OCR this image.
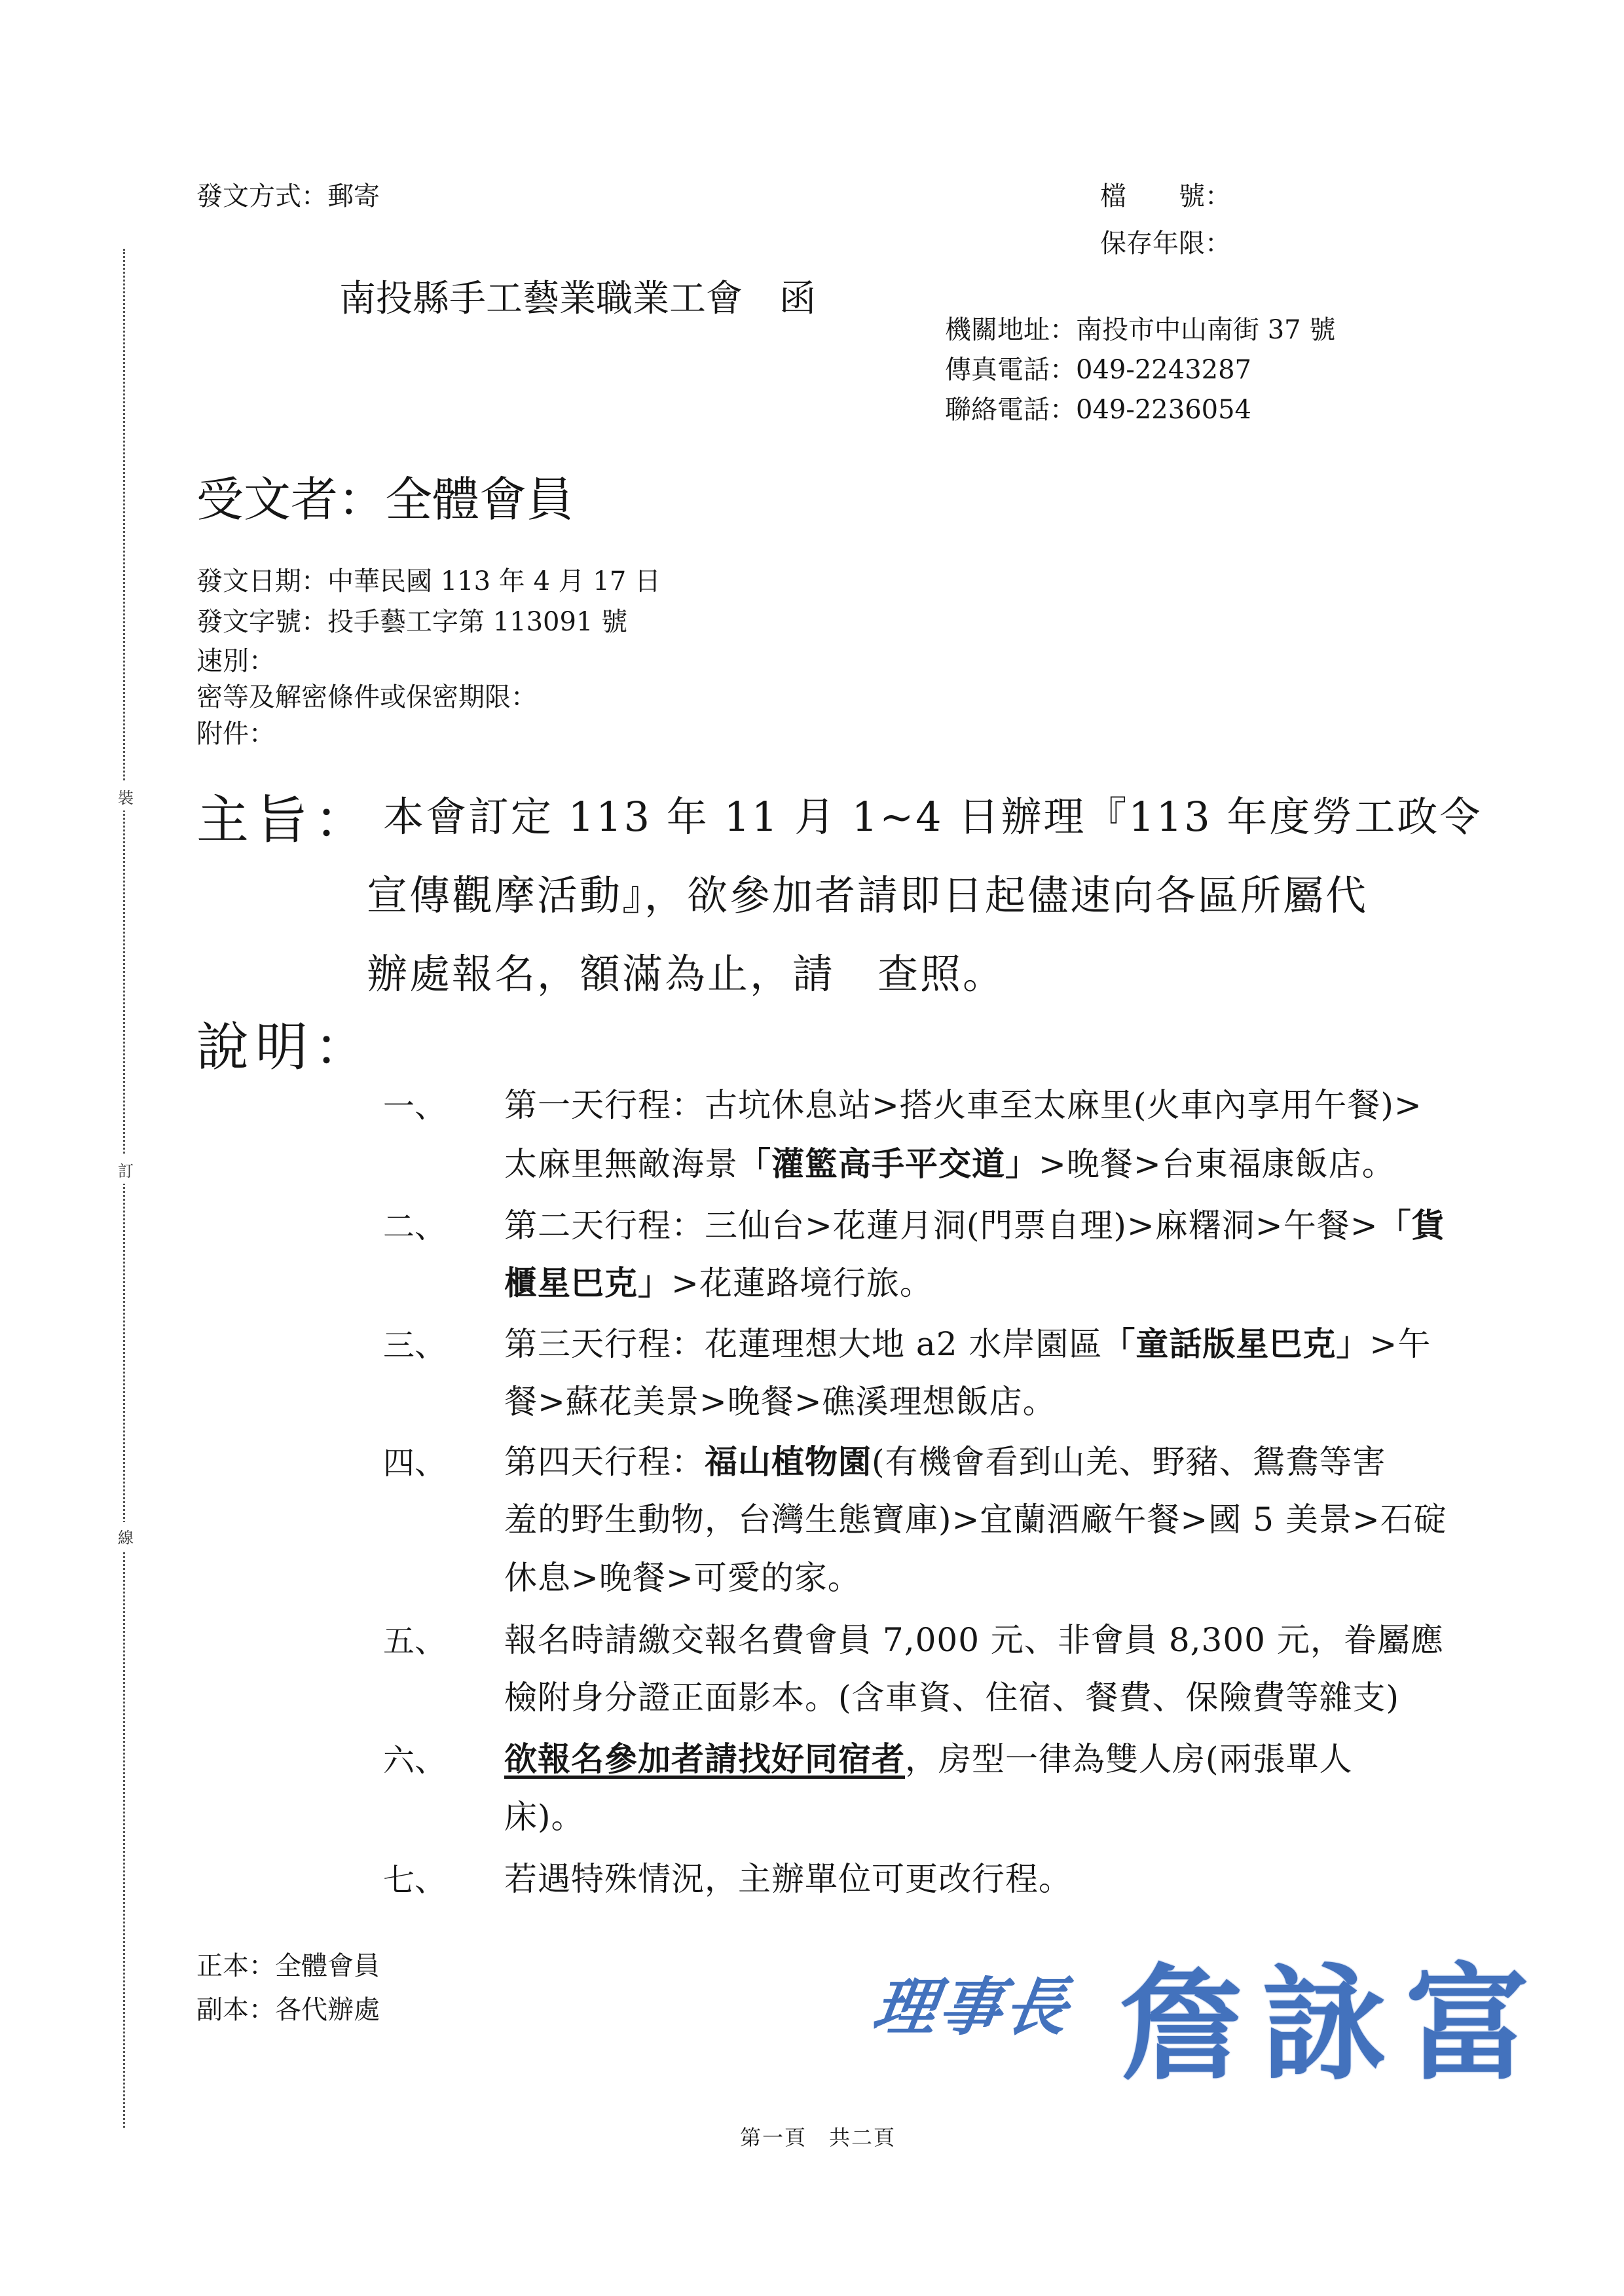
裝
訂
線
發文方式：郵寄	檔　　號：
保存年限：
南投縣手工藝業職業工會　函
機關地址：南投市中山南街 37 號
傳真電話：049-2243287
聯絡電話：049-2236054
受文者：全體會員
發文日期：中華民國 113 年 4 月 17 日
發文字號：投手藝工字第 113091 號
速別：
密等及解密條件或保密期限：
附件：
主旨： 本會訂定 113 年 11 月 1~4 日辦理『113 年度勞工政令
宣傳觀摩活動』，欲參加者請即日起儘速向各區所屬代
辦處報名，額滿為止，請　查照。
說明：
一、 第一天行程：古坑休息站>搭火車至太麻里(火車內享用午餐)>
太麻里無敵海景「灌籃高手平交道」>晚餐>台東福康飯店。
二、 第二天行程：三仙台>花蓮月洞(門票自理)>麻糬洞>午餐>「貨
櫃星巴克」>花蓮路境行旅。
三、 第三天行程：花蓮理想大地 a2 水岸園區「童話版星巴克」>午
餐>蘇花美景>晚餐>礁溪理想飯店。
四、 第四天行程：福山植物園(有機會看到山羌、野豬、鴛鴦等害
羞的野生動物，台灣生態寶庫)>宜蘭酒廠午餐>國 5 美景>石碇
休息>晚餐>可愛的家。
五、 報名時請繳交報名費會員 7,000 元、非會員 8,300 元，眷屬應
檢附身分證正面影本。(含車資、住宿、餐費、保險費等雜支)
六、 欲報名參加者請找好同宿者，房型一律為雙人房(兩張單人
床)。
七、 若遇特殊情況，主辦單位可更改行程。
正本：全體會員
副本：各代辦處	理事長 詹詠富
第一頁　共二頁
